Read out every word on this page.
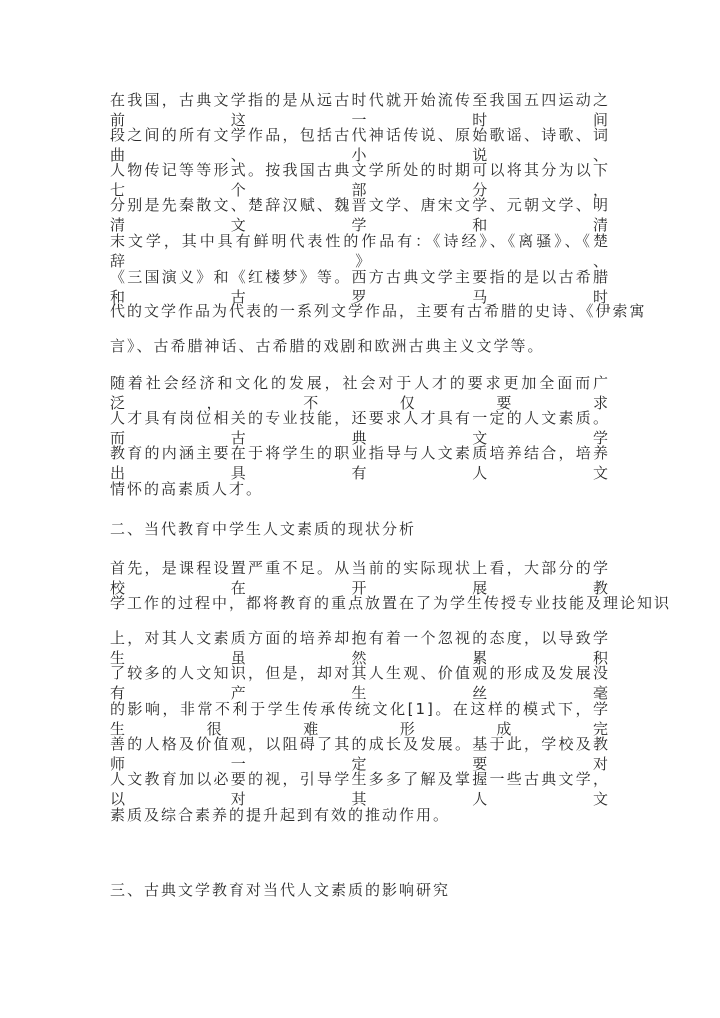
在我国，古典文学指的是从远古时代就开始流传至我国五四运动之前这一时间
段之间的所有文学作品，包括古代神话传说、原始歌谣、诗歌、词曲、小说、
人物传记等等形式。按我国古典文学所处的时期可以将其分为以下七个部分，
分别是先秦散文、楚辞汉赋、魏晋文学、唐宋文学、元朝文学、明清文学和清
末文学，其中具有鲜明代表性的作品有：《诗经》、《离骚》、《楚辞》、
《三国演义》和《红楼梦》等。西方古典文学主要指的是以古希腊和古罗马时
代的文学作品为代表的一系列文学作品，主要有古希腊的史诗、《伊索寓
言》、古希腊神话、古希腊的戏剧和欧洲古典主义文学等。
随着社会经济和文化的发展，社会对于人才的要求更加全面而广泛，不仅要求
人才具有岗位相关的专业技能，还要求人才具有一定的人文素质。而古典文学
教育的内涵主要在于将学生的职业指导与人文素质培养结合，培养出具有人文
情怀的高素质人才。
二、当代教育中学生人文素质的现状分析
首先，是课程设置严重不足。从当前的实际现状上看，大部分的学校在开展教
学工作的过程中，都将教育的重点放置在了为学生传授专业技能及理论知识
上，对其人文素质方面的培养却抱有着一个忽视的态度，以导致学生虽然累积
了较多的人文知识，但是，却对其人生观、价值观的形成及发展没有产生丝毫
的影响，非常不利于学生传承传统文化[1]。在这样的模式下，学生很难形成完
善的人格及价值观，以阻碍了其的成长及发展。基于此，学校及教师一定要对
人文教育加以必要的视，引导学生多多了解及掌握一些古典文学，以对其人文
素质及综合素养的提升起到有效的推动作用。
三、古典文学教育对当代人文素质的影响研究
